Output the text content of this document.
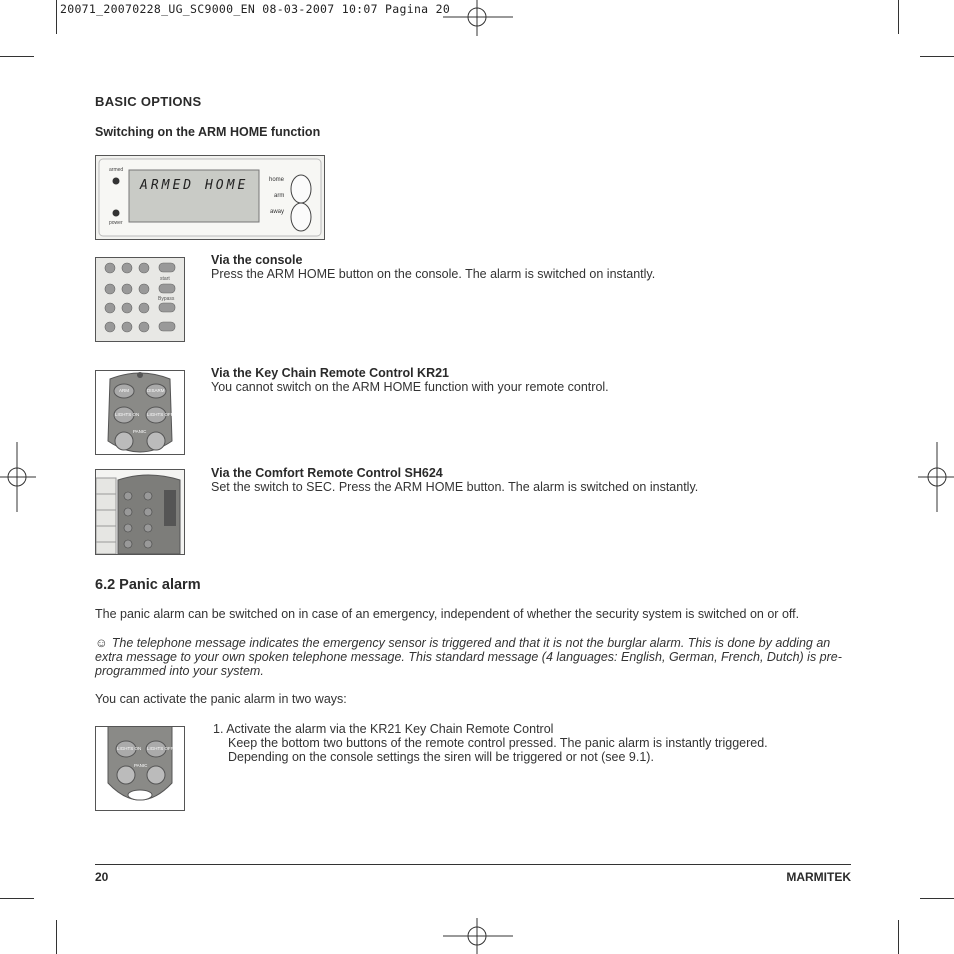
20071_20070228_UG_SC9000_EN 08-03-2007 10:07 Pagina 20
BASIC OPTIONS
Switching on the ARM HOME function
ARMED HOME
armed
power
home
arm
away
start
Bypass
ARM	DISARM
LIGHTS ON LIGHTS OFF
PANIC
Via the console
Press the ARM HOME button on the console. The alarm is switched on instantly.
Via the Key Chain Remote Control KR21
You cannot switch on the ARM HOME function with your remote control.
Via the Comfort Remote Control SH624
Set the switch to SEC. Press the ARM HOME button. The alarm is switched on instantly.
6.2 Panic alarm
The panic alarm can be switched on in case of an emergency, independent of whether the security system is switched on or off.
☺ The telephone message indicates the emergency sensor is triggered and that it is not the burglar alarm. This is done by adding an extra message to your own spoken telephone message. This standard message (4 languages: English, German, French, Dutch) is pre-programmed into your system.
You can activate the panic alarm in two ways:
LIGHTS ON LIGHTS OFF
PANIC
1. Activate the alarm via the KR21 Key Chain Remote Control
Keep the bottom two buttons of the remote control pressed. The panic alarm is instantly triggered.
Depending on the console settings the siren will be triggered or not (see 9.1).
20	MARMITEK
